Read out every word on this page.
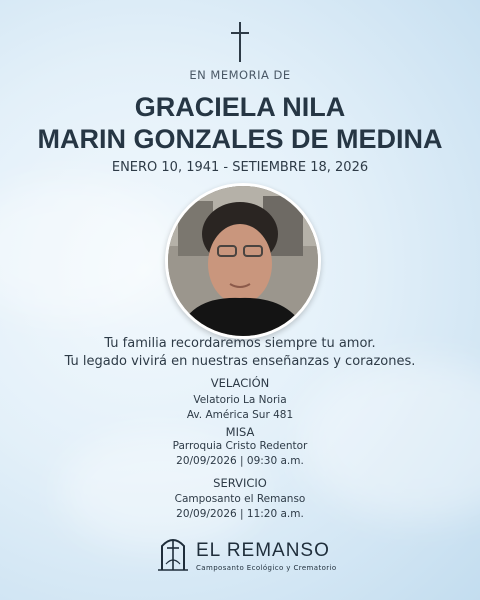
EN MEMORIA DE
GRACIELA NILA
MARIN GONZALES DE MEDINA
ENERO 10, 1941 - SETIEMBRE 18, 2026
Tu familia recordaremos siempre tu amor.
Tu legado vivirá en nuestras enseñanzas y corazones.
VELACIÓN
Velatorio La Noria
Av. América Sur 481
MISA
Parroquia Cristo Redentor
20/09/2026 | 09:30 a.m.
SERVICIO
Camposanto el Remanso
20/09/2026 | 11:20 a.m.
EL REMANSO
Camposanto Ecológico y Crematorio
